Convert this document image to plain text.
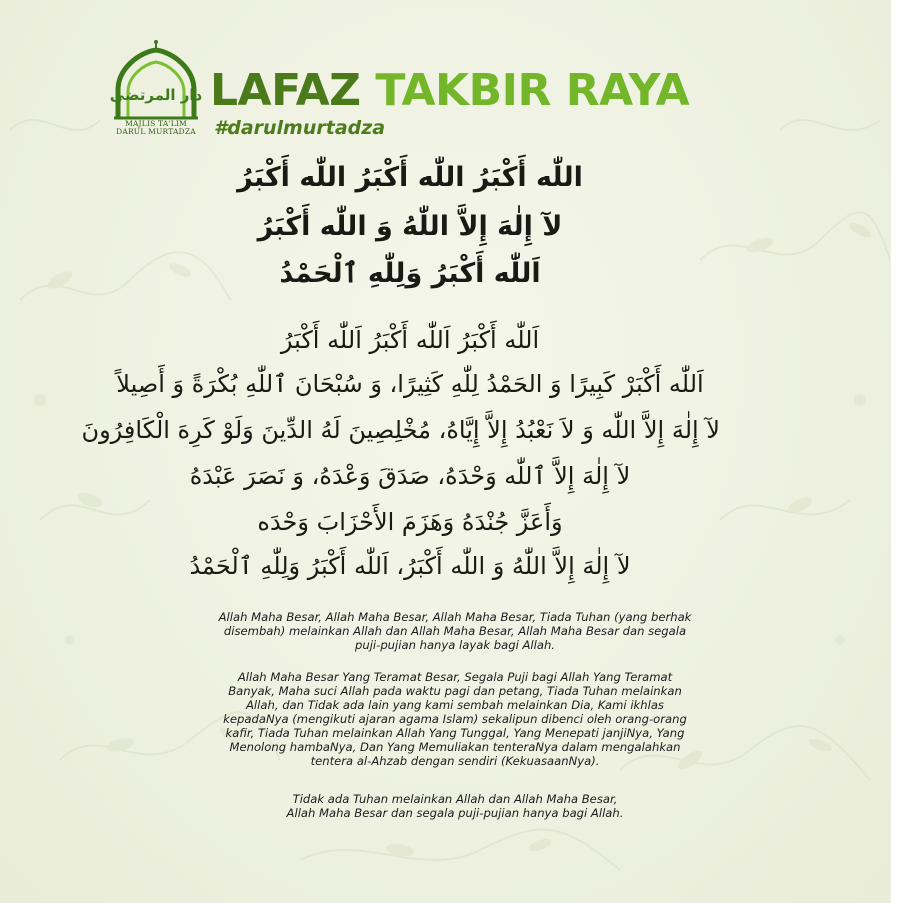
دار المرتضى
MAJLIS TA'LIM
DARUL MURTADZA
LAFAZ TAKBIR RAYA
#darulmurtadza
اللّٰه أَكْبَرُ اللّٰه أَكْبَرُ اللّٰه أَكْبَرُ
لآ إِلٰهَ إِلاَّ اللّٰهُ وَ اللّٰه أَكْبَرُ
اَللّٰه أَكْبَرُ وَلِلّٰهِ ٱلْحَمْدُ
اَللّٰه أَكْبَرُ اَللّٰه أَكْبَرُ اَللّٰه أَكْبَرُ
اَللّٰه أَكْبَرْ كَبِيرًا وَ الحَمْدُ لِلّٰهِ كَثِيرًا، وَ سُبْحَانَ ٱللّٰهِ بُكْرَةً وَ أَصِيلاً
لآ إِلٰهَ إِلاَّ اللّٰه وَ لاَ نَعْبُدُ إِلاَّ إِيَّاهُ، مُخْلِصِينَ لَهُ الدِّينَ وَلَوْ كَرِهَ الْكَافِرُونَ
لآ إِلٰهَ إِلاَّ ٱللّٰه وَحْدَهُ، صَدَقَ وَعْدَهُ، وَ نَصَرَ عَبْدَهُ
وَأَعَزَّ جُنْدَهُ وَهَزَمَ الأَحْزَابَ وَحْدَه
لآ إِلٰهَ إِلاَّ اللّٰهُ وَ اللّٰه أَكْبَرُ، اَللّٰه أَكْبَرُ وَلِلّٰهِ ٱلْحَمْدُ
Allah Maha Besar, Allah Maha Besar, Allah Maha Besar, Tiada Tuhan (yang berhak
disembah) melainkan Allah dan Allah Maha Besar, Allah Maha Besar dan segala
puji-pujian hanya layak bagi Allah.
Allah Maha Besar Yang Teramat Besar, Segala Puji bagi Allah Yang Teramat
Banyak, Maha suci Allah pada waktu pagi dan petang, Tiada Tuhan melainkan
Allah, dan Tidak ada lain yang kami sembah melainkan Dia, Kami ikhlas
kepadaNya (mengikuti ajaran agama Islam) sekalipun dibenci oleh orang-orang
kafir, Tiada Tuhan melainkan Allah Yang Tunggal, Yang Menepati janjiNya, Yang
Menolong hambaNya, Dan Yang Memuliakan tenteraNya dalam mengalahkan
tentera al-Ahzab dengan sendiri (KekuasaanNya).
Tidak ada Tuhan melainkan Allah dan Allah Maha Besar,
Allah Maha Besar dan segala puji-pujian hanya bagi Allah.
